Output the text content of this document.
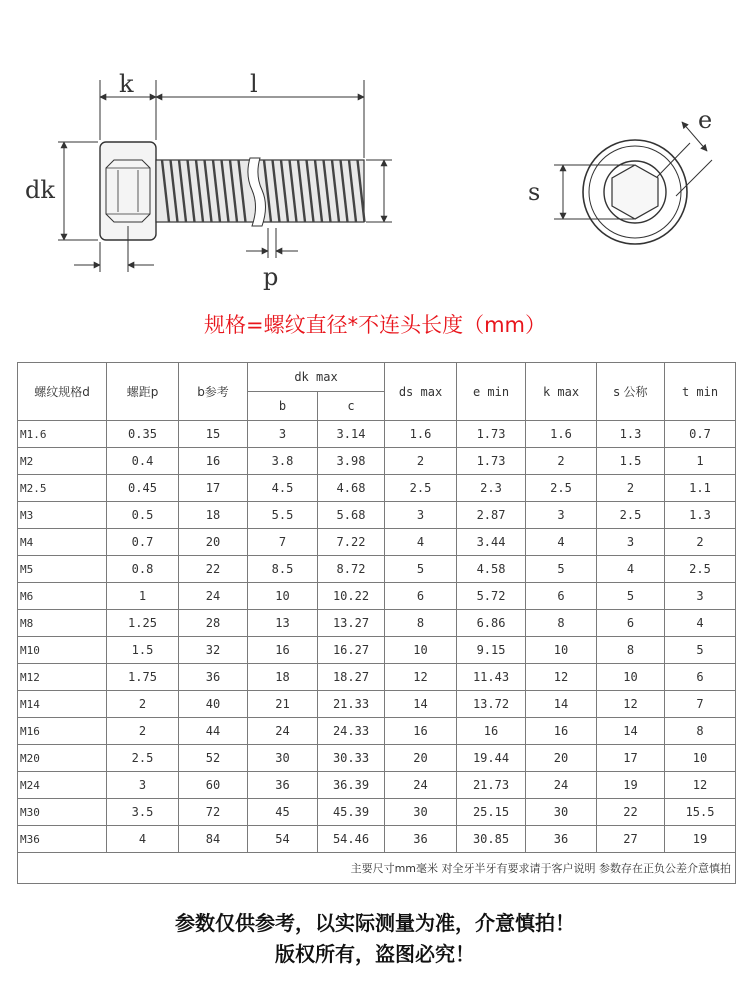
k	l
dk
p
s
e
规格=螺纹直径*不连头长度（mm）
螺纹规格d	螺距p	b参考	dk max		ds max	e min	k max	s 公称	t min
			b	c					
M1.6	0.35	15	3	3.14	1.6	1.73	1.6	1.3	0.7
M2	0.4	16	3.8	3.98	2	1.73	2	1.5	1
M2.5	0.45	17	4.5	4.68	2.5	2.3	2.5	2	1.1
M3	0.5	18	5.5	5.68	3	2.87	3	2.5	1.3
M4	0.7	20	7	7.22	4	3.44	4	3	2
M5	0.8	22	8.5	8.72	5	4.58	5	4	2.5
M6	1	24	10	10.22	6	5.72	6	5	3
M8	1.25	28	13	13.27	8	6.86	8	6	4
M10	1.5	32	16	16.27	10	9.15	10	8	5
M12	1.75	36	18	18.27	12	11.43	12	10	6
M14	2	40	21	21.33	14	13.72	14	12	7
M16	2	44	24	24.33	16	16	16	14	8
M20	2.5	52	30	30.33	20	19.44	20	17	10
M24	3	60	36	36.39	24	21.73	24	19	12
M30	3.5	72	45	45.39	30	25.15	30	22	15.5
M36	4	84	54	54.46	36	30.85	36	27	19
主要尺寸mm毫米 对全牙半牙有要求请于客户说明 参数存在正负公差介意慎拍									
参数仅供参考，以实际测量为准，介意慎拍！
版权所有，盗图必究！
